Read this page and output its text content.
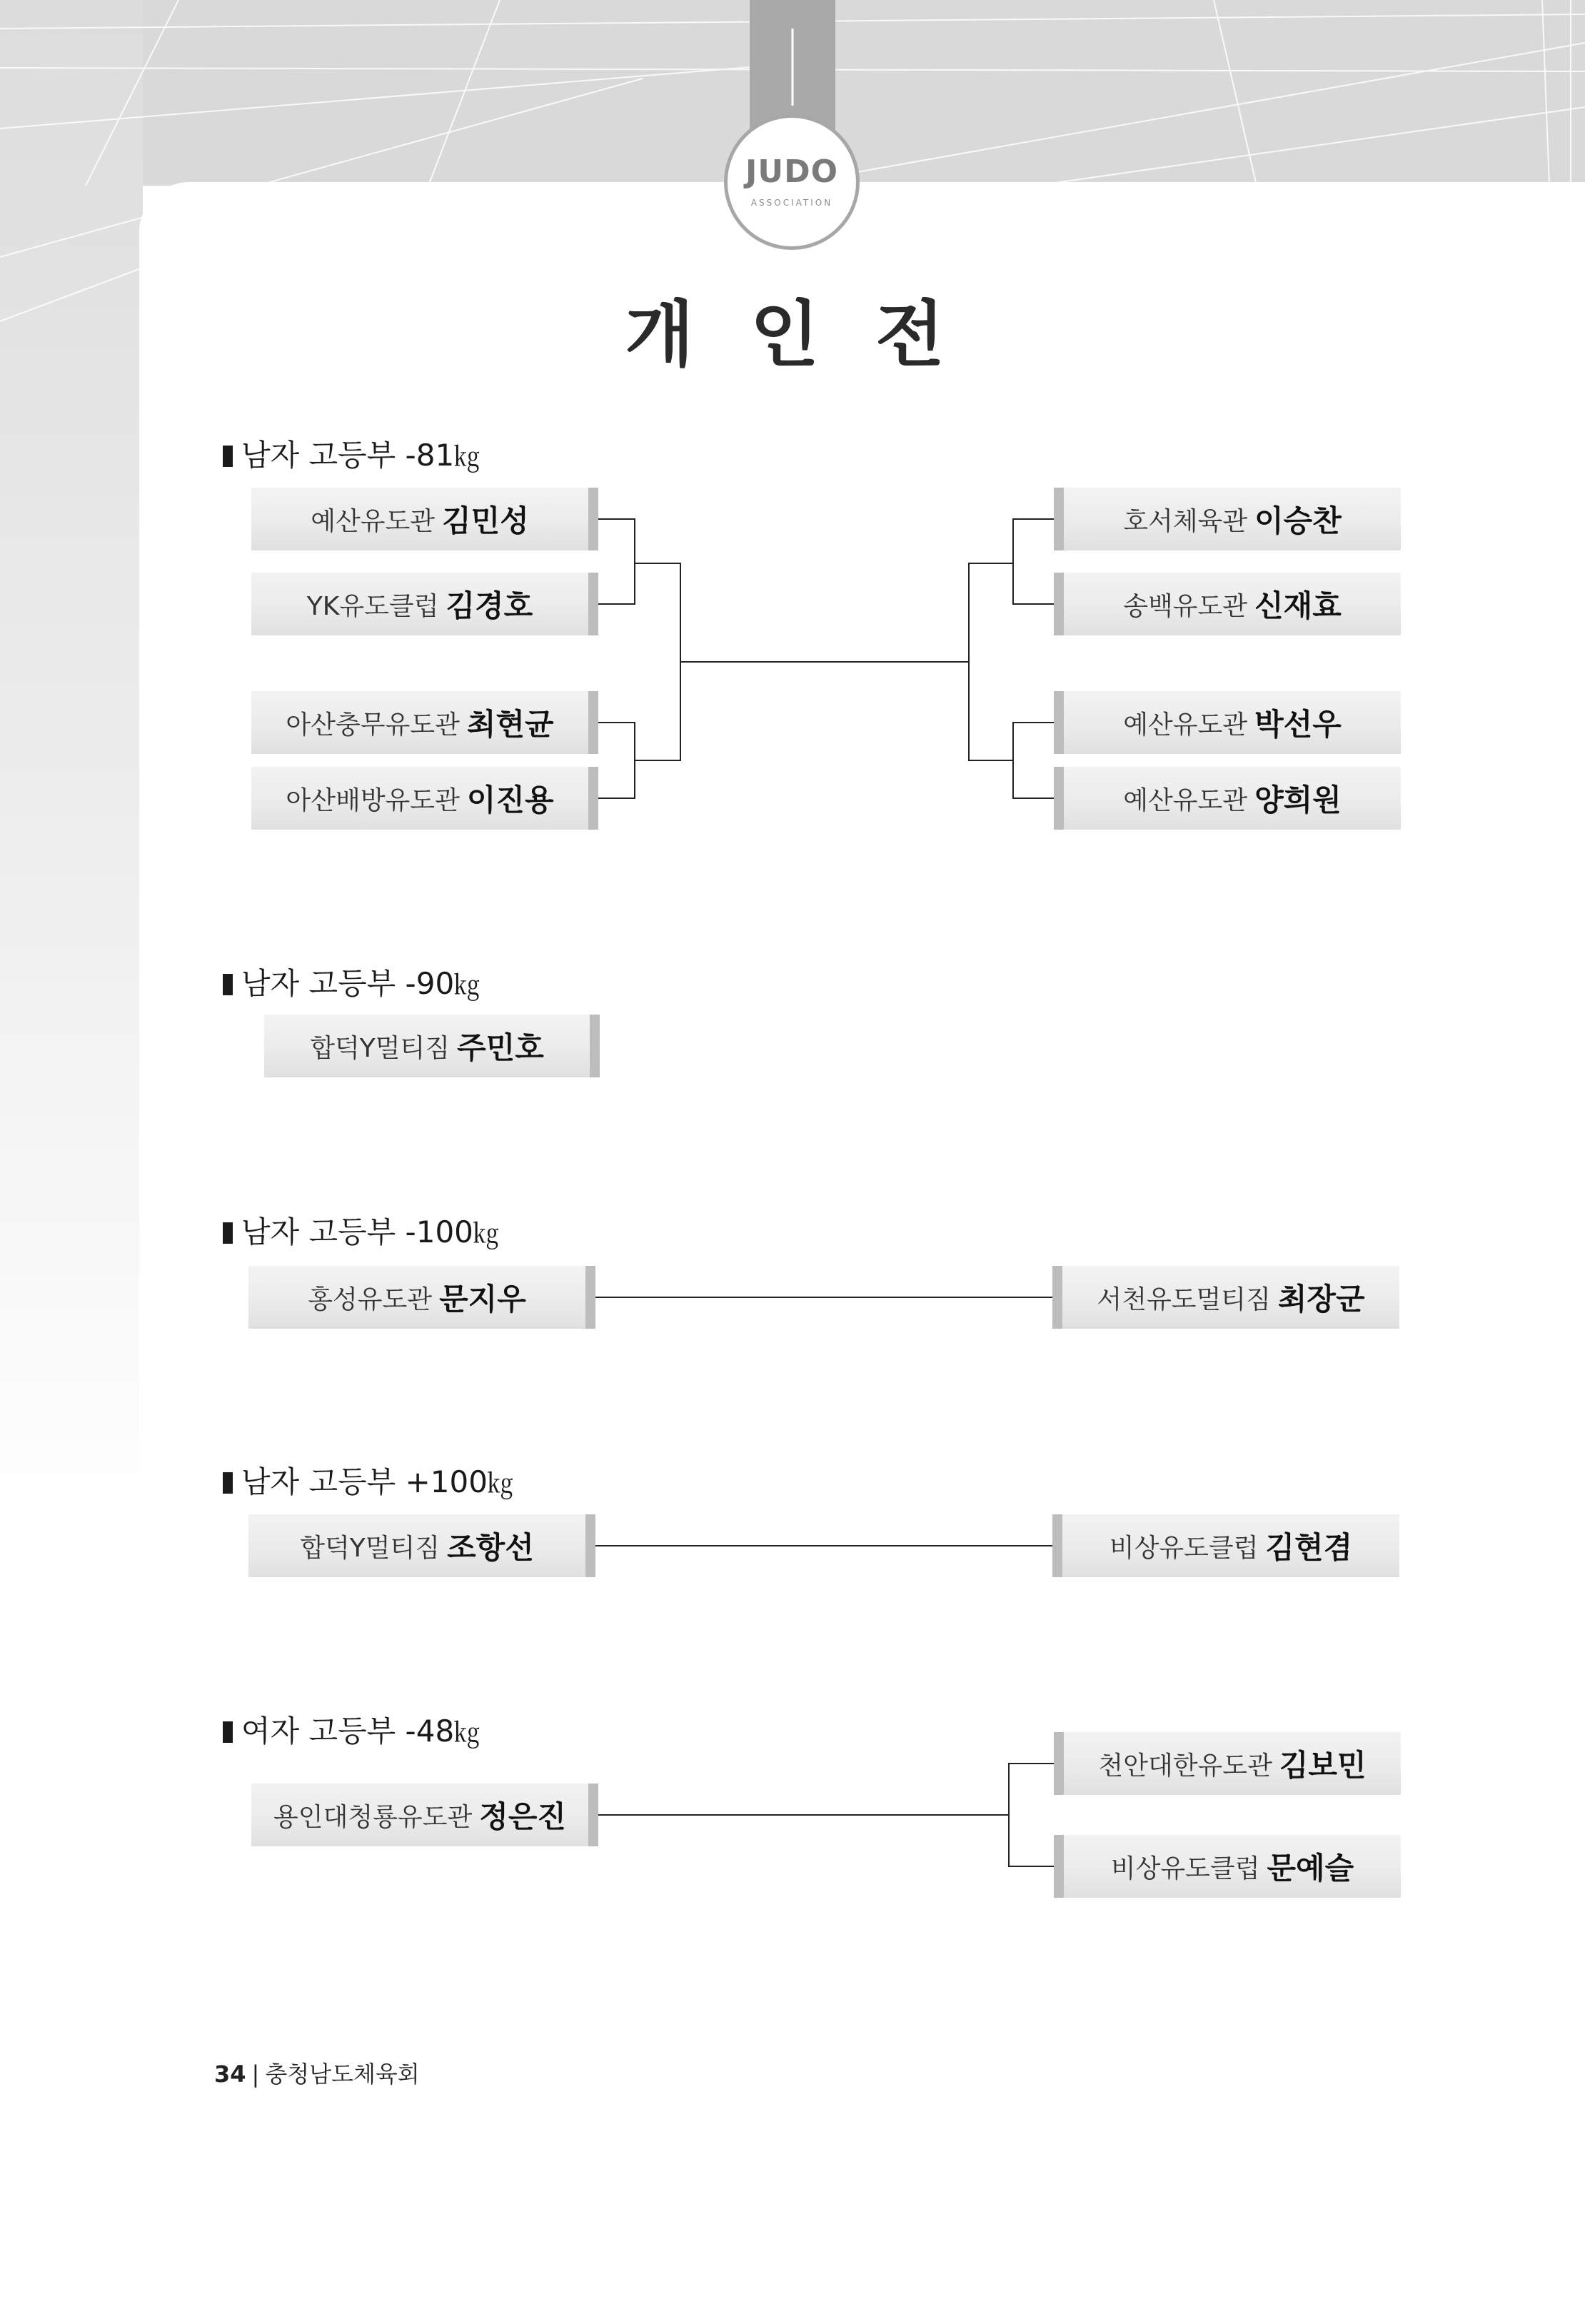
JUDO
ASSOCIATION
개 인 전
남자 고등부 -81㎏
예산유도관 김민성
YK유도클럽 김경호
아산충무유도관 최현균
아산배방유도관 이진용
호서체육관 이승찬
송백유도관 신재효
예산유도관 박선우
예산유도관 양희원
남자 고등부 -90㎏
합덕Y멀티짐 주민호
남자 고등부 -100㎏
홍성유도관 문지우	서천유도멀티짐 최장군
남자 고등부 +100㎏
합덕Y멀티짐 조항선	비상유도클럽 김현겸
여자 고등부 -48㎏
용인대청룡유도관 정은진
천안대한유도관 김보민
비상유도클럽 문예슬
34 | 충청남도체육회
